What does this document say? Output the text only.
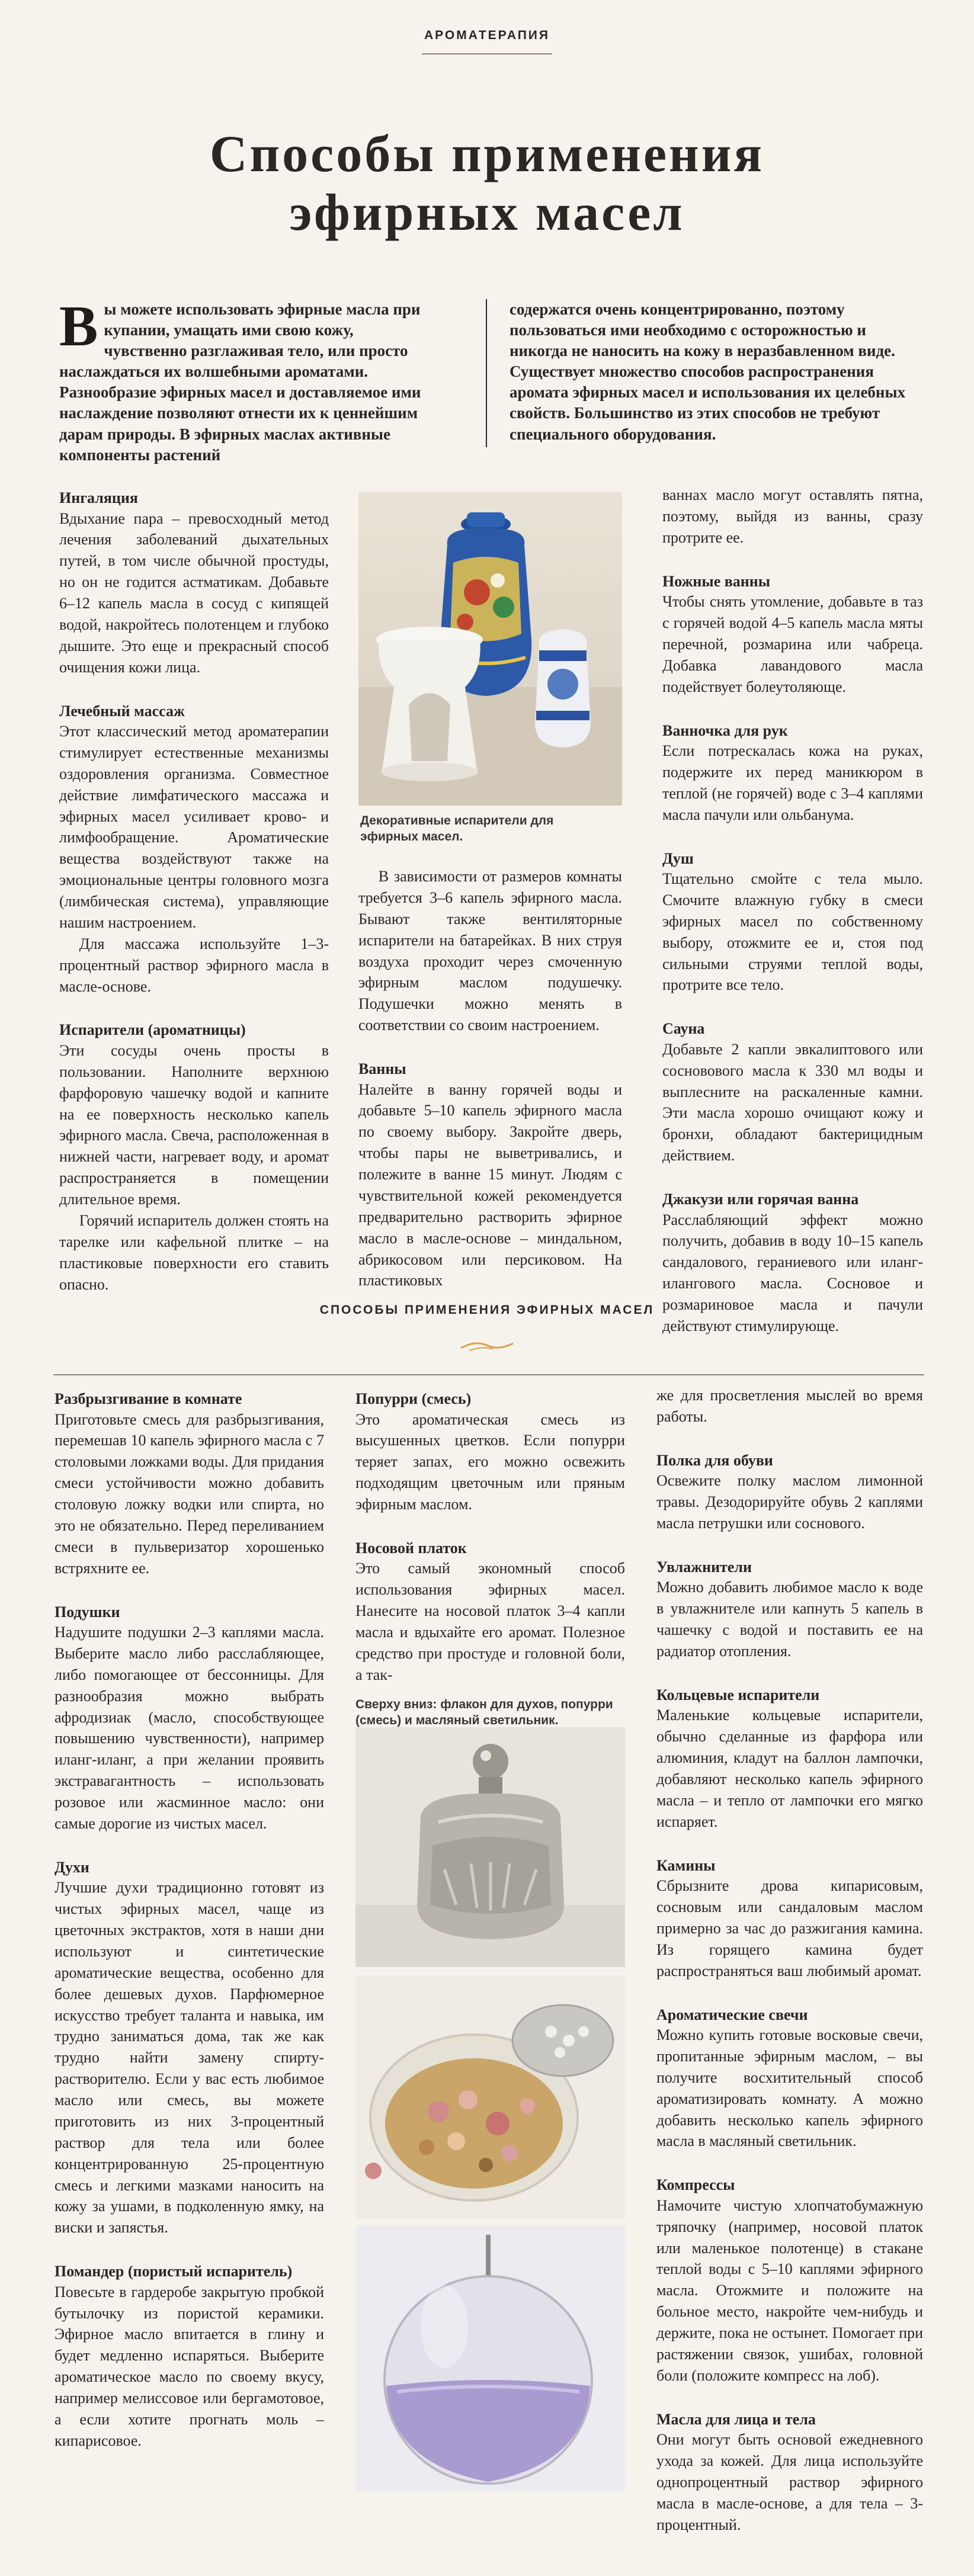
АРОМАТЕРАПИЯ
Способы применения
эфирных масел

Вы можете использовать эфирные масла при купании, умащать ими свою кожу, чувственно разглаживая тело, или просто наслаждаться их волшебными ароматами. Разнообразие эфирных масел и доставляемое ими наслаждение позволяют отнести их к ценнейшим дарам природы. В эфирных маслах активные компоненты растений

содержатся очень концентрированно, поэтому пользоваться ими необходимо с осторожностью и никогда не наносить на кожу в неразбавленном виде. Существует множество способов распространения аромата эфирных масел и использования их целебных свойств. Большинство из этих способов не требуют специального оборудования.

Ингаляция

Вдыхание пара – превосходный метод лечения заболеваний дыхательных путей, в том числе обычной простуды, но он не годится астматикам. Добавьте 6–12 капель масла в сосуд с кипящей водой, накройтесь полотенцем и глубоко дышите. Это еще и прекрасный способ очищения кожи лица.

Лечебный массаж

Этот классический метод ароматерапии стимулирует естественные механизмы оздоровления организма. Совместное действие лимфатического массажа и эфирных масел усиливает крово- и лимфообращение. Ароматические вещества воздействуют также на эмоциональные центры головного мозга (лимбическая система), управляющие нашим настроением.

Для массажа используйте 1–3-процентный раствор эфирного масла в масле-основе.

Испарители (ароматницы)

Эти сосуды очень просты в пользовании. Наполните верхнюю фарфоровую чашечку водой и капните на ее поверхность несколько капель эфирного масла. Свеча, расположенная в нижней части, нагревает воду, и аромат распространяется в помещении длительное время.

Горячий испаритель должен стоять на тарелке или кафельной плитке – на пластиковые поверхности его ставить опасно.

Декоративные испарители для эфирных масел.

В зависимости от размеров комнаты требуется 3–6 капель эфирного масла. Бывают также вентиляторные испарители на батарейках. В них струя воздуха проходит через смоченную эфирным маслом подушечку. Подушечки можно менять в соответствии со своим настроением.

Ванны

Налейте в ванну горячей воды и добавьте 5–10 капель эфирного масла по своему выбору. Закройте дверь, чтобы пары не выветривались, и полежите в ванне 15 минут. Людям с чувствительной кожей рекомендуется предварительно растворить эфирное масло в масле-основе – миндальном, абрикосовом или персиковом. На пластиковых

ваннах масло могут оставлять пятна, поэтому, выйдя из ванны, сразу протрите ее.

Ножные ванны

Чтобы снять утомление, добавьте в таз с горячей водой 4–5 капель масла мяты перечной, розмарина или чабреца. Добавка лавандового масла подействует болеутоляюще.

Ванночка для рук

Если потрескалась кожа на руках, подержите их перед маникюром в теплой (не горячей) воде с 3–4 каплями масла пачули или ольбанума.

Душ

Тщательно смойте с тела мыло. Смочите влажную губку в смеси эфирных масел по собственному выбору, отожмите ее и, стоя под сильными струями теплой воды, протрите все тело.

Сауна

Добавьте 2 капли эвкалиптового или сосновового масла к 330 мл воды и выплесните на раскаленные камни. Эти масла хорошо очищают кожу и бронхи, обладают бактерицидным действием.

Джакузи или горячая ванна

Расслабляющий эффект можно получить, добавив в воду 10–15 капель сандалового, гераниевого или иланг-илангового масла. Сосновое и розмариновое масла и пачули действуют стимулирующе.

СПОСОБЫ ПРИМЕНЕНИЯ ЭФИРНЫХ МАСЕЛ
Разбрызгивание в комнате

Приготовьте смесь для разбрызгивания, перемешав 10 капель эфирного масла с 7 столовыми ложками воды. Для придания смеси устойчивости можно добавить столовую ложку водки или спирта, но это не обязательно. Перед переливанием смеси в пульверизатор хорошенько встряхните ее.

Подушки

Надушите подушки 2–3 каплями масла. Выберите масло либо расслабляющее, либо помогающее от бессонницы. Для разнообразия можно выбрать афродизиак (масло, способствующее повышению чувственности), например иланг-иланг, а при желании проявить экстравагантность – использовать розовое или жасминное масло: они самые дорогие из чистых масел.

Духи

Лучшие духи традиционно готовят из чистых эфирных масел, чаще из цветочных экстрактов, хотя в наши дни используют и синтетические ароматические вещества, особенно для более дешевых духов. Парфюмерное искусство требует таланта и навыка, им трудно заниматься дома, так же как трудно найти замену спирту-растворителю. Если у вас есть любимое масло или смесь, вы можете приготовить из них 3-процентный раствор для тела или более концентрированную 25-процентную смесь и легкими мазками наносить на кожу за ушами, в подколенную ямку, на виски и запястья.

Помандер (пористый испаритель)

Повесьте в гардеробе закрытую пробкой бутылочку из пористой керамики. Эфирное масло впитается в глину и будет медленно испаряться. Выберите ароматическое масло по своему вкусу, например мелиссовое или бергамотовое, а если хотите прогнать моль – кипарисовое.

Попурри (смесь)

Это ароматическая смесь из высушенных цветков. Если попурри теряет запах, его можно освежить подходящим цветочным или пряным эфирным маслом.

Носовой платок

Это самый экономный способ использования эфирных масел. Нанесите на носовой платок 3–4 капли масла и вдыхайте его аромат. Полезное средство при простуде и головной боли, а так-

Сверху вниз: флакон для духов, попурри (смесь) и масляный светильник.

же для просветления мыслей во время работы.

Полка для обуви

Освежите полку маслом лимонной травы. Дезодорируйте обувь 2 каплями масла петрушки или соснового.

Увлажнители

Можно добавить любимое масло к воде в увлажнителе или капнуть 5 капель в чашечку с водой и поставить ее на радиатор отопления.

Кольцевые испарители

Маленькие кольцевые испарители, обычно сделанные из фарфора или алюминия, кладут на баллон лампочки, добавляют несколько капель эфирного масла – и тепло от лампочки его мягко испаряет.

Камины

Сбрызните дрова кипарисовым, сосновым или сандаловым маслом примерно за час до разжигания камина. Из горящего камина будет распространяться ваш любимый аромат.

Ароматические свечи

Можно купить готовые восковые свечи, пропитанные эфирным маслом, – вы получите восхитительный способ ароматизировать комнату. А можно добавить несколько капель эфирного масла в масляный светильник.

Компрессы

Намочите чистую хлопчатобумажную тряпочку (например, носовой платок или маленькое полотенце) в стакане теплой воды с 5–10 каплями эфирного масла. Отожмите и положите на больное место, накройте чем-нибудь и держите, пока не остынет. Помогает при растяжении связок, ушибах, головной боли (положите компресс на лоб).

Масла для лица и тела

Они могут быть основой ежедневного ухода за кожей. Для лица используйте однопроцентный раствор эфирного масла в масле-основе, а для тела – 3-процентный.
